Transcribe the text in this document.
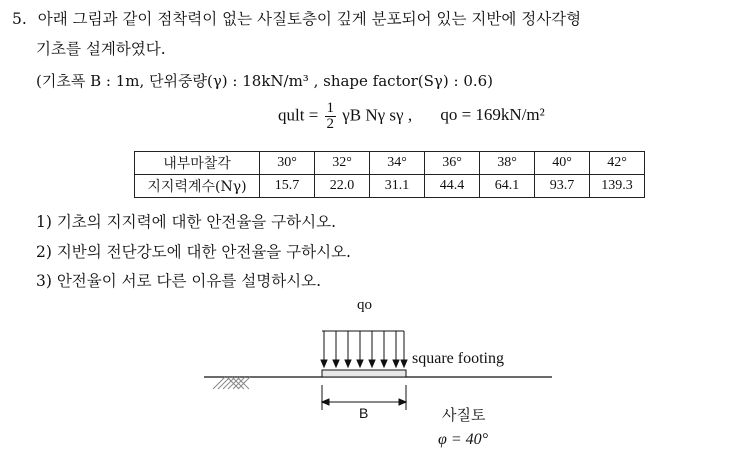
5. 아래 그림과 같이 점착력이 없는 사질토층이 깊게 분포되어 있는 지반에 정사각형
기초를 설계하였다.
(기초폭 B : 1m, 단위중량(γ) : 18kN/m³ , shape factor(Sγ) : 0.6)
qult = $\frac{1}{2}$ γB Nγ sγ , qo = 169kN/m²
내부마찰각	30°	32°	34°	36°	38°	40°	42°
지지력계수(Nγ)	15.7	22.0	31.1	44.4	64.1	93.7	139.3
1) 기초의 지지력에 대한 안전율을 구하시오.
2) 지반의 전단강도에 대한 안전율을 구하시오.
3) 안전율이 서로 다른 이유를 설명하시오.
qo
square footing
B	사질토
φ = 40°
